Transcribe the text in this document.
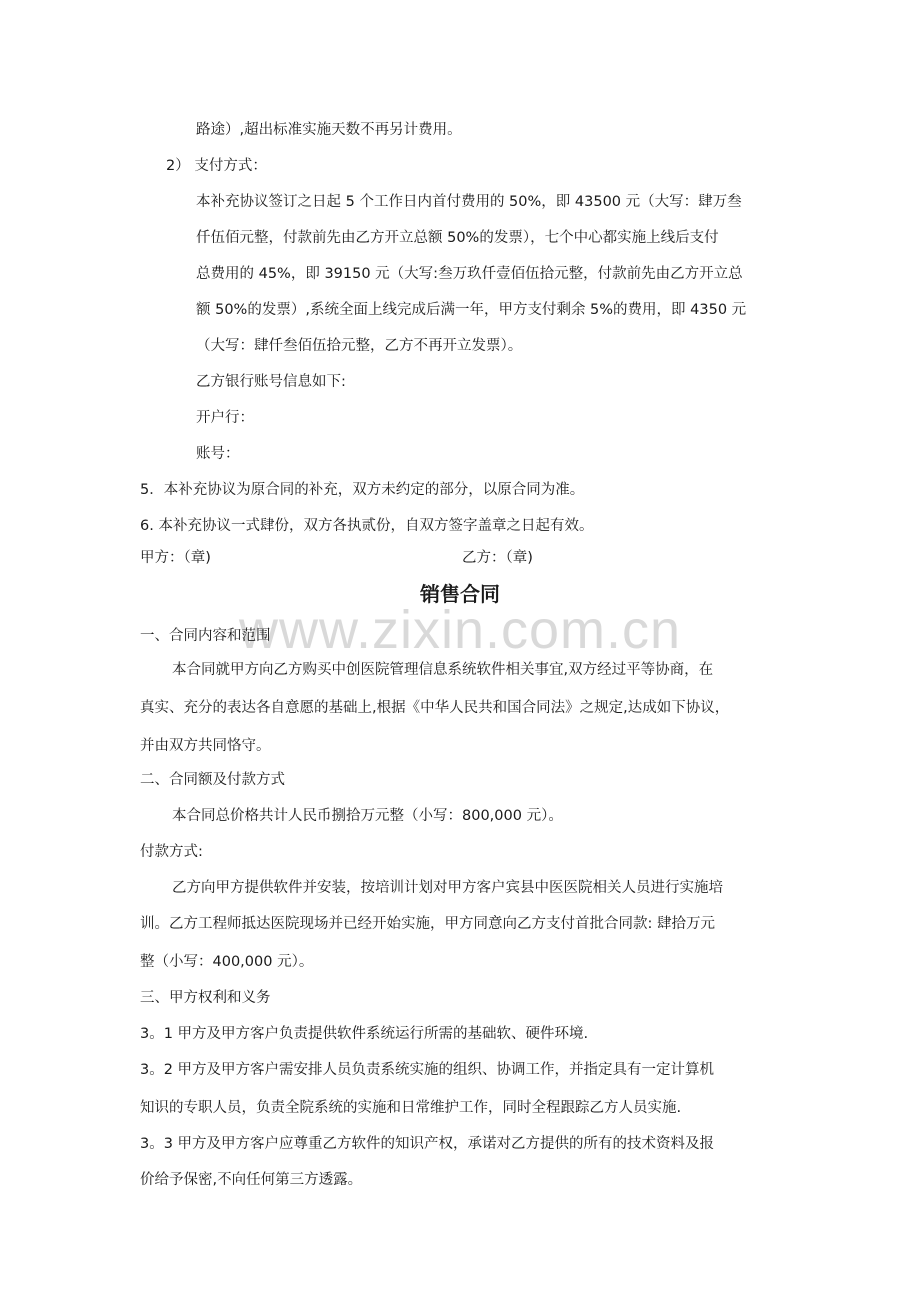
www.zixin.com.cn
路途）,超出标准实施天数不再另计费用。
2） 支付方式：
本补充协议签订之日起 5 个工作日内首付费用的 50%，即 43500 元（大写：肆万叁
仟伍佰元整，付款前先由乙方开立总额 50%的发票），七个中心都实施上线后支付
总费用的 45%，即 39150 元（大写:叁万玖仟壹佰伍拾元整，付款前先由乙方开立总
额 50%的发票）,系统全面上线完成后满一年，甲方支付剩余 5%的费用，即 4350 元
（大写：肆仟叁佰伍拾元整，乙方不再开立发票）。
乙方银行账号信息如下:
开户行：
账号：
5．本补充协议为原合同的补充，双方未约定的部分，以原合同为准。
6. 本补充协议一式肆份，双方各执贰份，自双方签字盖章之日起有效。
甲方：（章)	乙方：（章)
销售合同
一、合同内容和范围
本合同就甲方向乙方购买中创医院管理信息系统软件相关事宜,双方经过平等协商，在
真实、充分的表达各自意愿的基础上,根据《中华人民共和国合同法》之规定,达成如下协议，
并由双方共同恪守。
二、合同额及付款方式
本合同总价格共计人民币捌拾万元整（小写：800,000 元）。
付款方式:
乙方向甲方提供软件并安装，按培训计划对甲方客户宾县中医医院相关人员进行实施培
训。乙方工程师抵达医院现场并已经开始实施，甲方同意向乙方支付首批合同款: 肆拾万元
整（小写：400,000 元）。
三、甲方权利和义务
3。1 甲方及甲方客户负责提供软件系统运行所需的基础软、硬件环境.
3。2 甲方及甲方客户需安排人员负责系统实施的组织、协调工作，并指定具有一定计算机
知识的专职人员，负责全院系统的实施和日常维护工作，同时全程跟踪乙方人员实施.
3。3 甲方及甲方客户应尊重乙方软件的知识产权，承诺对乙方提供的所有的技术资料及报
价给予保密,不向任何第三方透露。
